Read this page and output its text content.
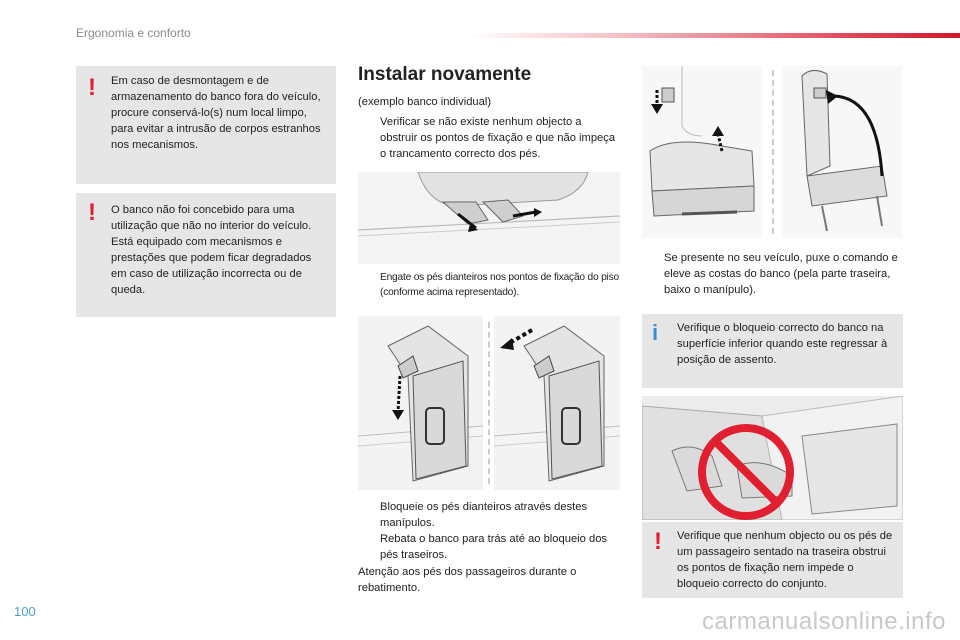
Ergonomia e conforto
100
! Em caso de desmontagem e de armazenamento do banco fora do veículo, procure conservá-lo(s) num local limpo, para evitar a intrusão de corpos estranhos nos mecanismos.
! O banco não foi concebido para uma utilização que não no interior do veículo. Está equipado com mecanismos e prestações que podem ficar degradados em caso de utilização incorrecta ou de queda.
Instalar novamente
(exemplo banco individual)
Verificar se não existe nenhum objecto a obstruir os pontos de fixação e que não impeça o trancamento correcto dos pés.
Engate os pés dianteiros nos pontos de fixação do piso (conforme acima representado).
Bloqueie os pés dianteiros através destes manípulos.
Rebata o banco para trás até ao bloqueio dos pés traseiros.
Atenção aos pés dos passageiros durante o rebatimento.
Se presente no seu veículo, puxe o comando e eleve as costas do banco (pela parte traseira, baixo o manípulo).
i Verifique o bloqueio correcto do banco na superfície inferior quando este regressar à posição de assento.
! Verifique que nenhum objecto ou os pés de um passageiro sentado na traseira obstrui os pontos de fixação nem impede o bloqueio correcto do conjunto.
carmanualsonline.info
